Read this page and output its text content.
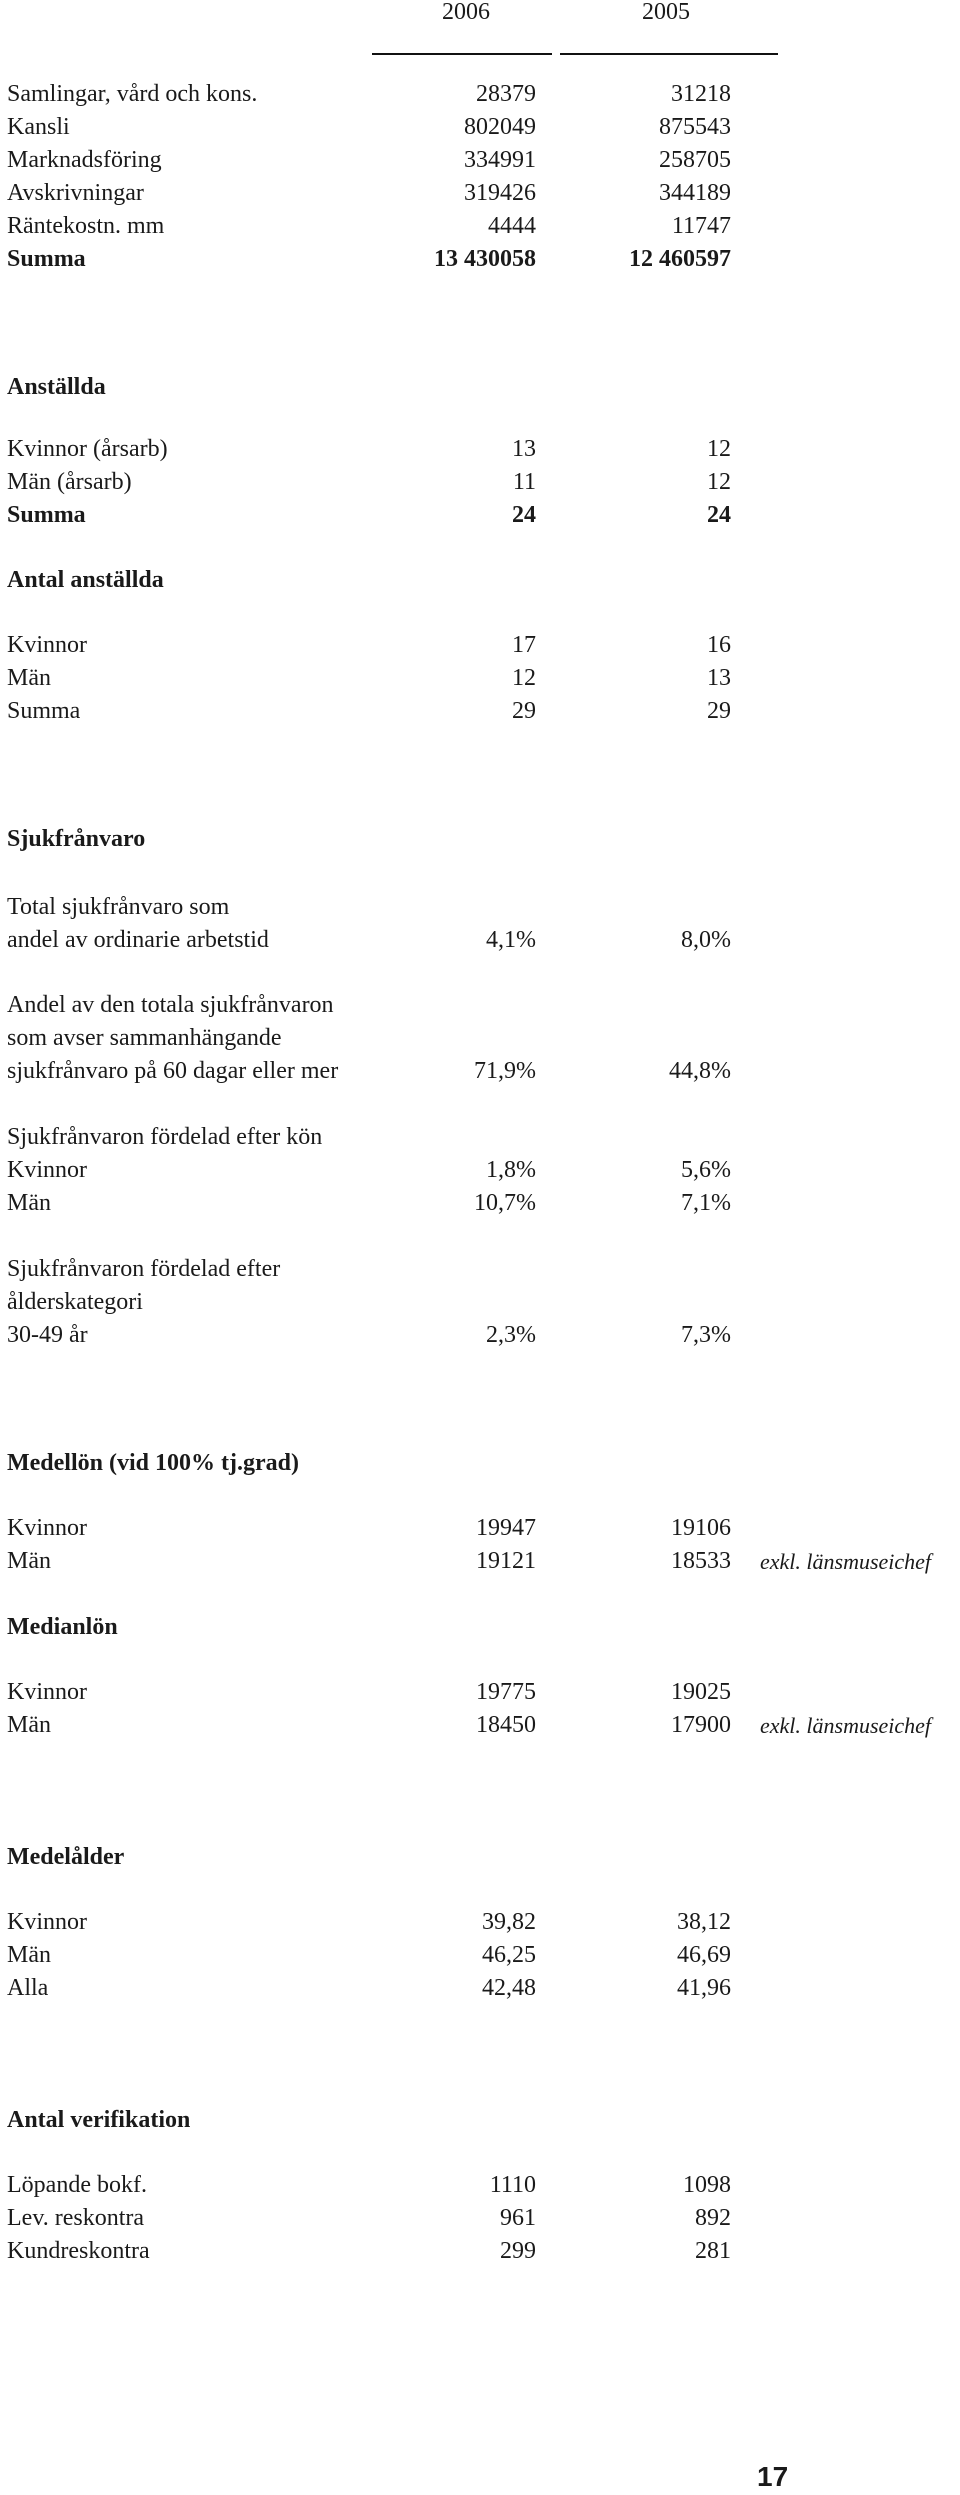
2006	2005
Samlingar, vård och kons.	28379	31218
Kansli	802049	875543
Marknadsföring	334991	258705
Avskrivningar	319426	344189
Räntekostn. mm	4444	11747
Summa	13 430058	12 460597
Anställda
Kvinnor (årsarb)	13	12
Män (årsarb)	11	12
Summa	24	24
Antal anställda
Kvinnor	17	16
Män	12	13
Summa	29	29
Sjukfrånvaro
Total sjukfrånvaro som
andel av ordinarie arbetstid	4,1%	8,0%
Andel av den totala sjukfrånvaron
som avser sammanhängande
sjukfrånvaro på 60 dagar eller mer	71,9%	44,8%
Sjukfrånvaron fördelad efter kön
Kvinnor	1,8%	5,6%
Män	10,7%	7,1%
Sjukfrånvaron fördelad efter
ålderskategori
30-49 år	2,3%	7,3%
Medellön (vid 100% tj.grad)
Kvinnor	19947	19106
Män	19121	18533 exkl. länsmuseichef
Medianlön
Kvinnor	19775	19025
Män	18450	17900 exkl. länsmuseichef
Medelålder
Kvinnor	39,82	38,12
Män	46,25	46,69
Alla	42,48	41,96
Antal verifikation
Löpande bokf.	1110	1098
Lev. reskontra	961	892
Kundreskontra	299	281
17
